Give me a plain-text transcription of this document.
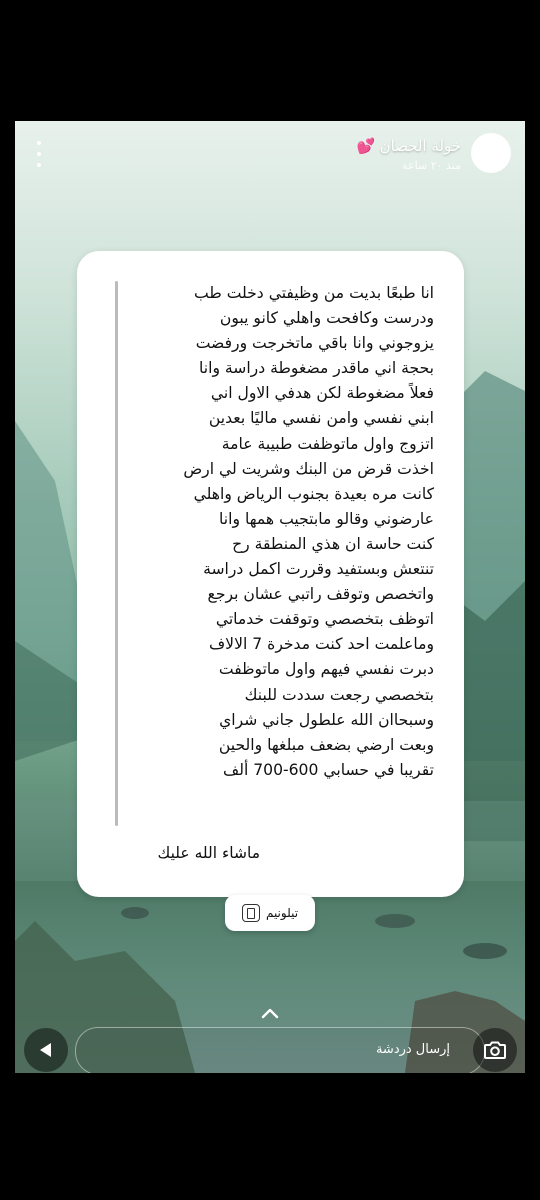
خولة الحصان
💕
منذ ٢٠ ساعة
انا طبعًا بديت من وظيفتي دخلت طب
ودرست وكافحت واهلي كانو يبون
يزوجوني وانا باقي ماتخرجت ورفضت
بحجة اني ماقدر مضغوطة دراسة وانا
فعلاً مضغوطة لكن هدفي الاول اني
ابني نفسي وامن نفسي ماليًا بعدين
اتزوج واول ماتوظفت طبيبة عامة
اخذت قرض من البنك وشريت لي ارض
كانت مره بعيدة بجنوب الرياض واهلي
عارضوني وقالو مابتجيب همها وانا
كنت حاسة ان هذي المنطقة رح
تنتعش وبستفيد وقررت اكمل دراسة
واتخصص وتوقف راتبي عشان برجع
اتوظف بتخصصي وتوقفت خدماتي
وماعلمت احد كنت مدخرة 7 الالاف
دبرت نفسي فيهم واول ماتوظفت
بتخصصي رجعت سددت للبنك
وسبحاان الله علطول جاني شراي
وبعت ارضي بضعف مبلغها والحين
تقريبا في حسابي 600-700 ألف
ماشاء الله عليك
تيلونيم
إرسال دردشة
